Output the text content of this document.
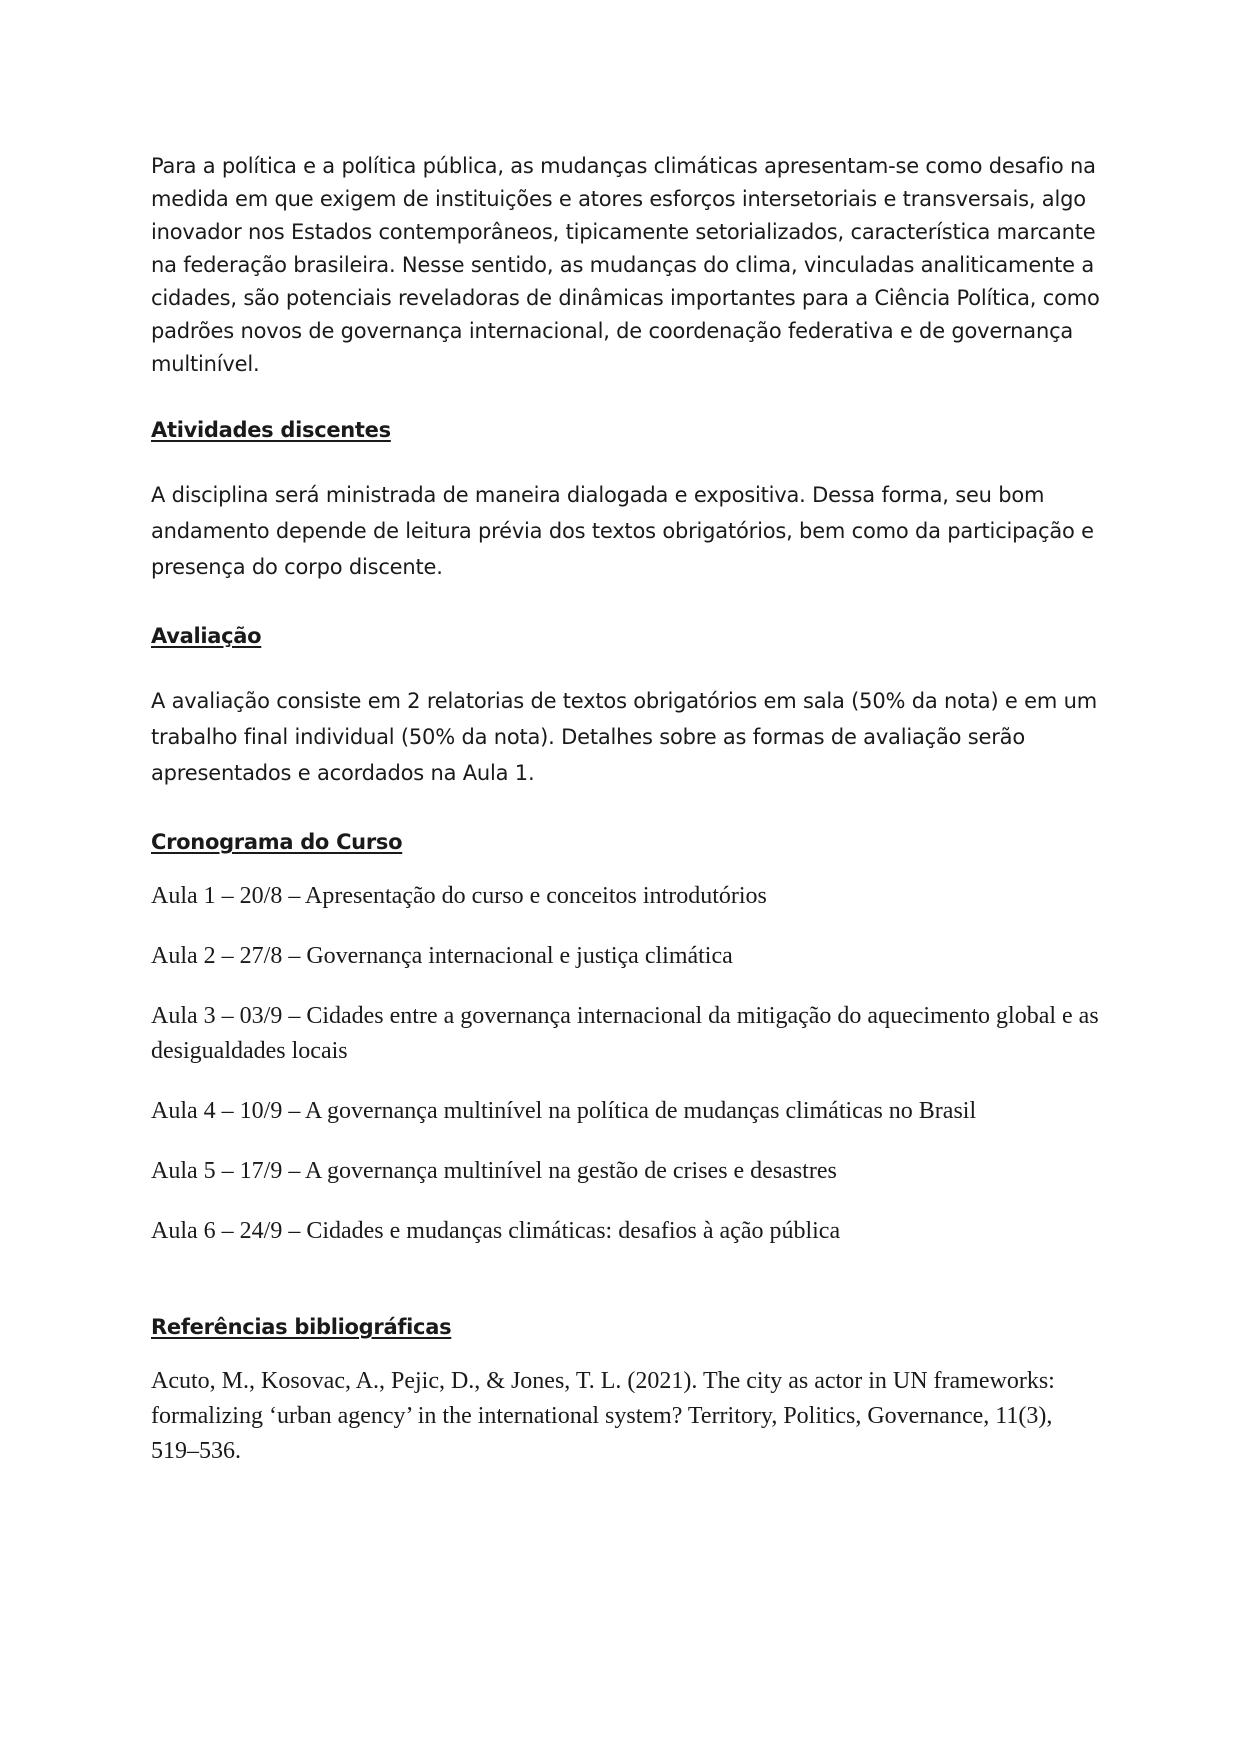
Para a política e a política pública, as mudanças climáticas apresentam-se como desafio na medida em que exigem de instituições e atores esforços intersetoriais e transversais, algo inovador nos Estados contemporâneos, tipicamente setorializados, característica marcante na federação brasileira. Nesse sentido, as mudanças do clima, vinculadas analiticamente a cidades, são potenciais reveladoras de dinâmicas importantes para a Ciência Política, como padrões novos de governança internacional, de coordenação federativa e de governança multinível.

Atividades discentes

A disciplina será ministrada de maneira dialogada e expositiva. Dessa forma, seu bom andamento depende de leitura prévia dos textos obrigatórios, bem como da participação e presença do corpo discente.

Avaliação

A avaliação consiste em 2 relatorias de textos obrigatórios em sala (50% da nota) e em um trabalho final individual (50% da nota). Detalhes sobre as formas de avaliação serão apresentados e acordados na Aula 1.

Cronograma do Curso

Aula 1 – 20/8 – Apresentação do curso e conceitos introdutórios

Aula 2 – 27/8 – Governança internacional e justiça climática

Aula 3 – 03/9 – Cidades entre a governança internacional da mitigação do aquecimento global e as desigualdades locais

Aula 4 – 10/9 – A governança multinível na política de mudanças climáticas no Brasil

Aula 5 – 17/9 – A governança multinível na gestão de crises e desastres

Aula 6 – 24/9 – Cidades e mudanças climáticas: desafios à ação pública

Referências bibliográficas

Acuto, M., Kosovac, A., Pejic, D., & Jones, T. L. (2021). The city as actor in UN frameworks: formalizing ‘urban agency’ in the international system? Territory, Politics, Governance, 11(3), 519–536.
